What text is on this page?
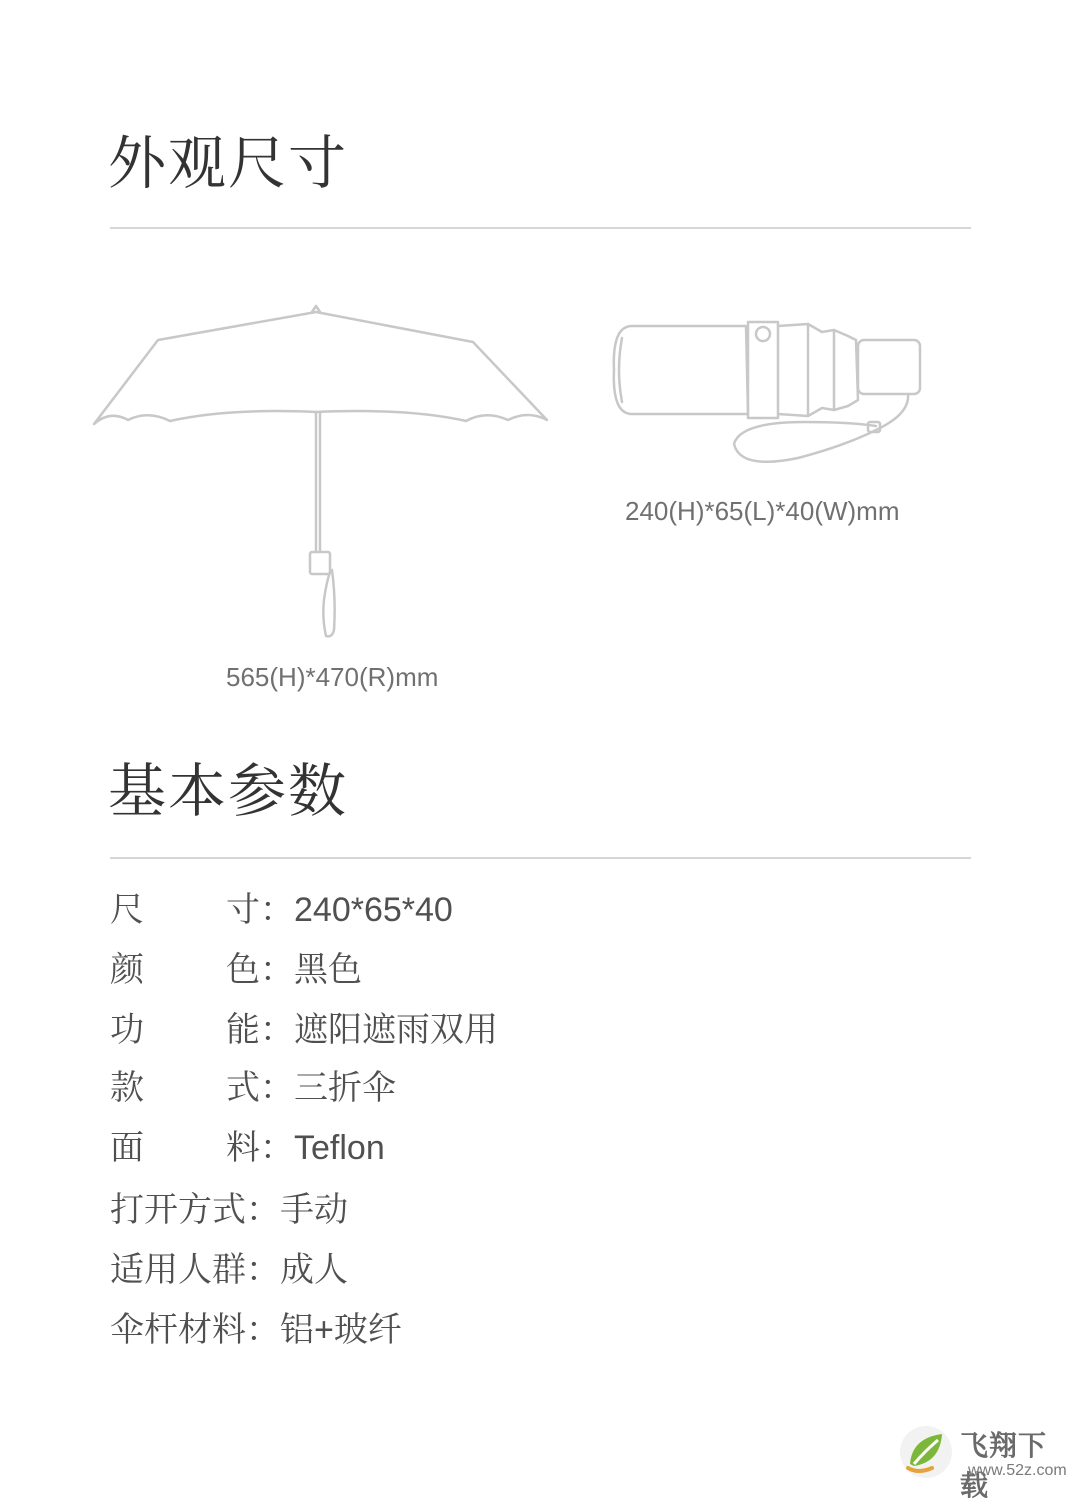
外观尺寸
565(H)*470(R)mm
240(H)*65(L)*40(W)mm
基本参数
尺 寸：240*65*40
颜 色：黑色
功 能：遮阳遮雨双用
款 式：三折伞
面 料：Teflon
打开方式：手动
适用人群：成人
伞杆材料：铝+玻纤
飞翔下载
www.52z.com
